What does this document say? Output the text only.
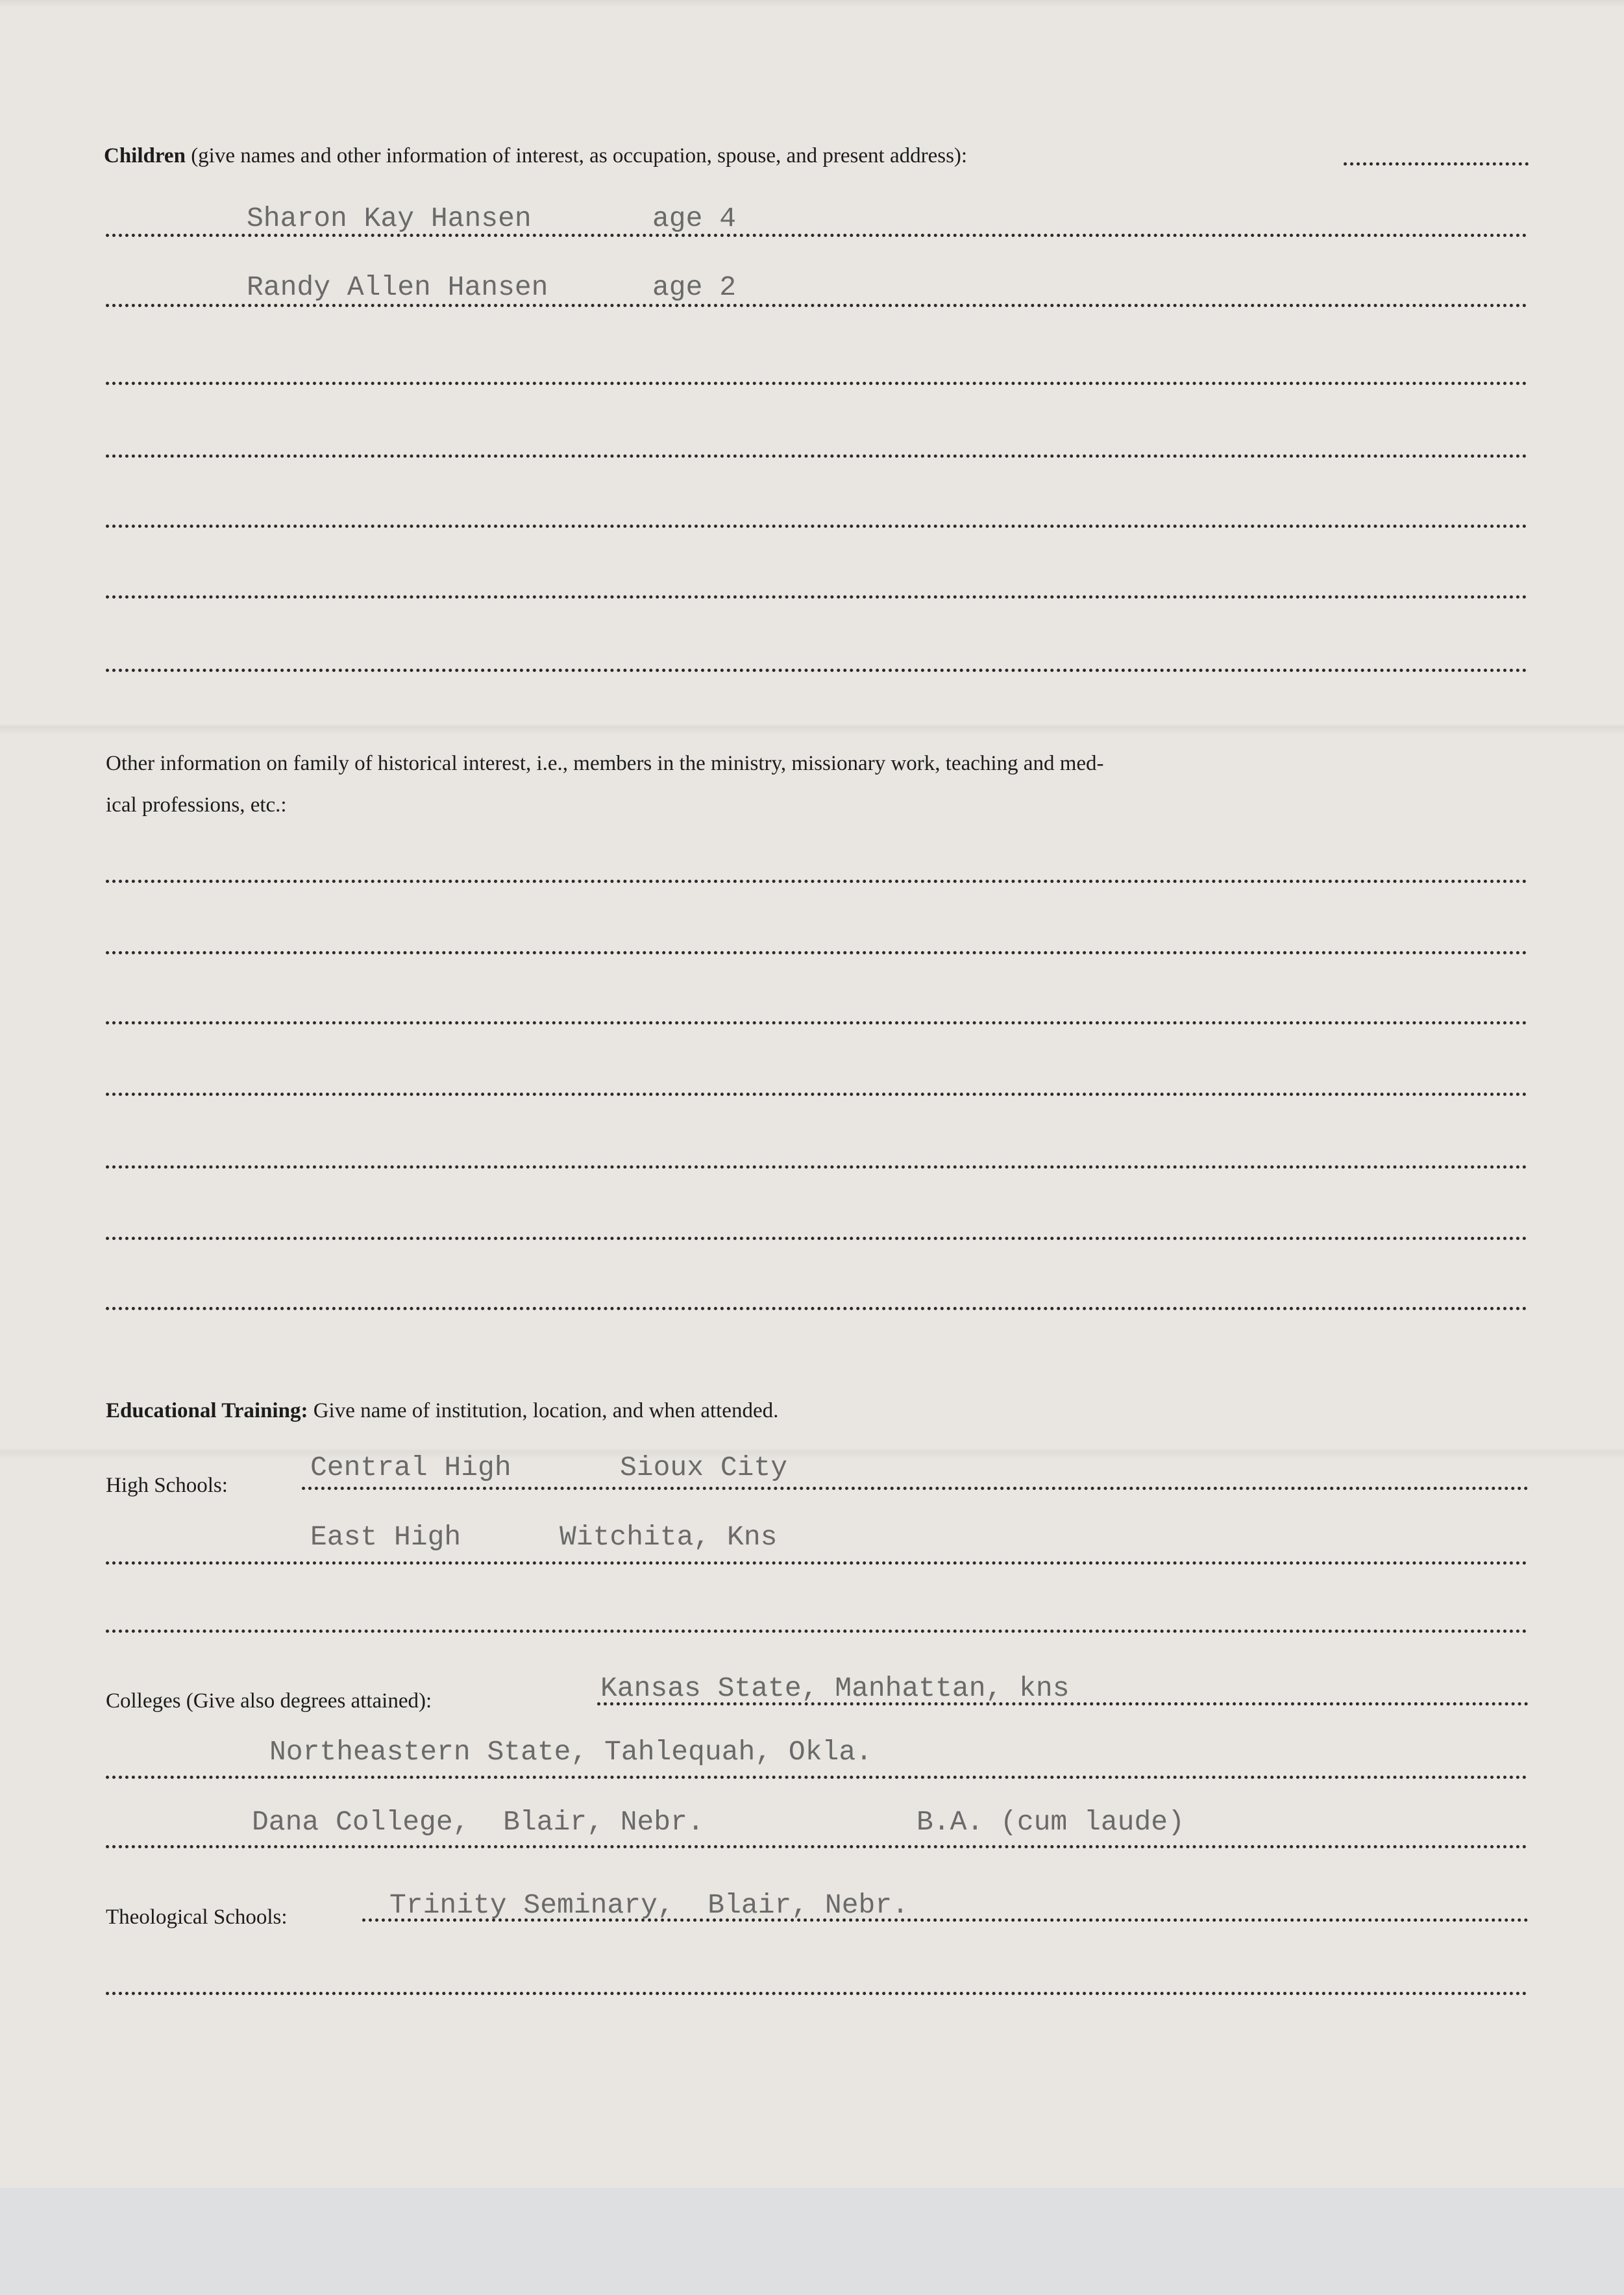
Children (give names and other information of interest, as occupation, spouse, and present address):
Sharon Kay Hansen	age 4
Randy Allen Hansen	age 2
Other information on family of historical interest, i.e., members in the ministry, missionary work, teaching and med-
ical professions, etc.:
Educational Training: Give name of institution, location, and when attended.
High Schools:
Central High	Sioux City
East High	Witchita, Kns
Colleges (Give also degrees attained):	Kansas State, Manhattan, kns
Northeastern State, Tahlequah, Okla.
Dana College,  Blair, Nebr.	B.A. (cum laude)
Theological Schools:	Trinity Seminary,  Blair, Nebr.
